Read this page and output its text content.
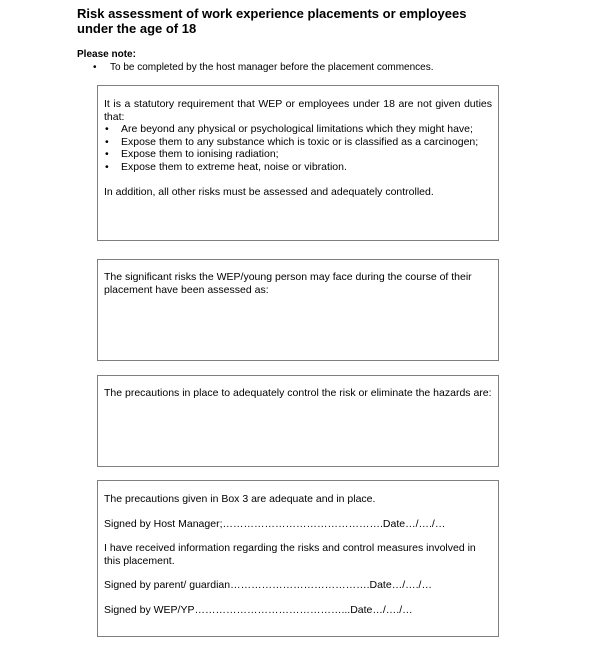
Risk assessment of work experience placements or employees under the age of 18
Please note:
• To be completed by the host manager before the placement commences.
It is a statutory requirement that WEP or employees under 18 are not given duties that:
• Are beyond any physical or psychological limitations which they might have;
• Expose them to any substance which is toxic or is classified as a carcinogen;
• Expose them to ionising radiation;
• Expose them to extreme heat, noise or vibration.
In addition, all other risks must be assessed and adequately controlled.
The significant risks the WEP/young person may face during the course of their placement have been assessed as:
The precautions in place to adequately control the risk or eliminate the hazards are:
The precautions given in Box 3 are adequate and in place.
Signed by Host Manager;……………………………………….Date…/…./…
I have received information regarding the risks and control measures involved in this placement.
Signed by parent/ guardian………………………………….Date…/…./…
Signed by WEP/YP……………………………………...Date…/…./…
